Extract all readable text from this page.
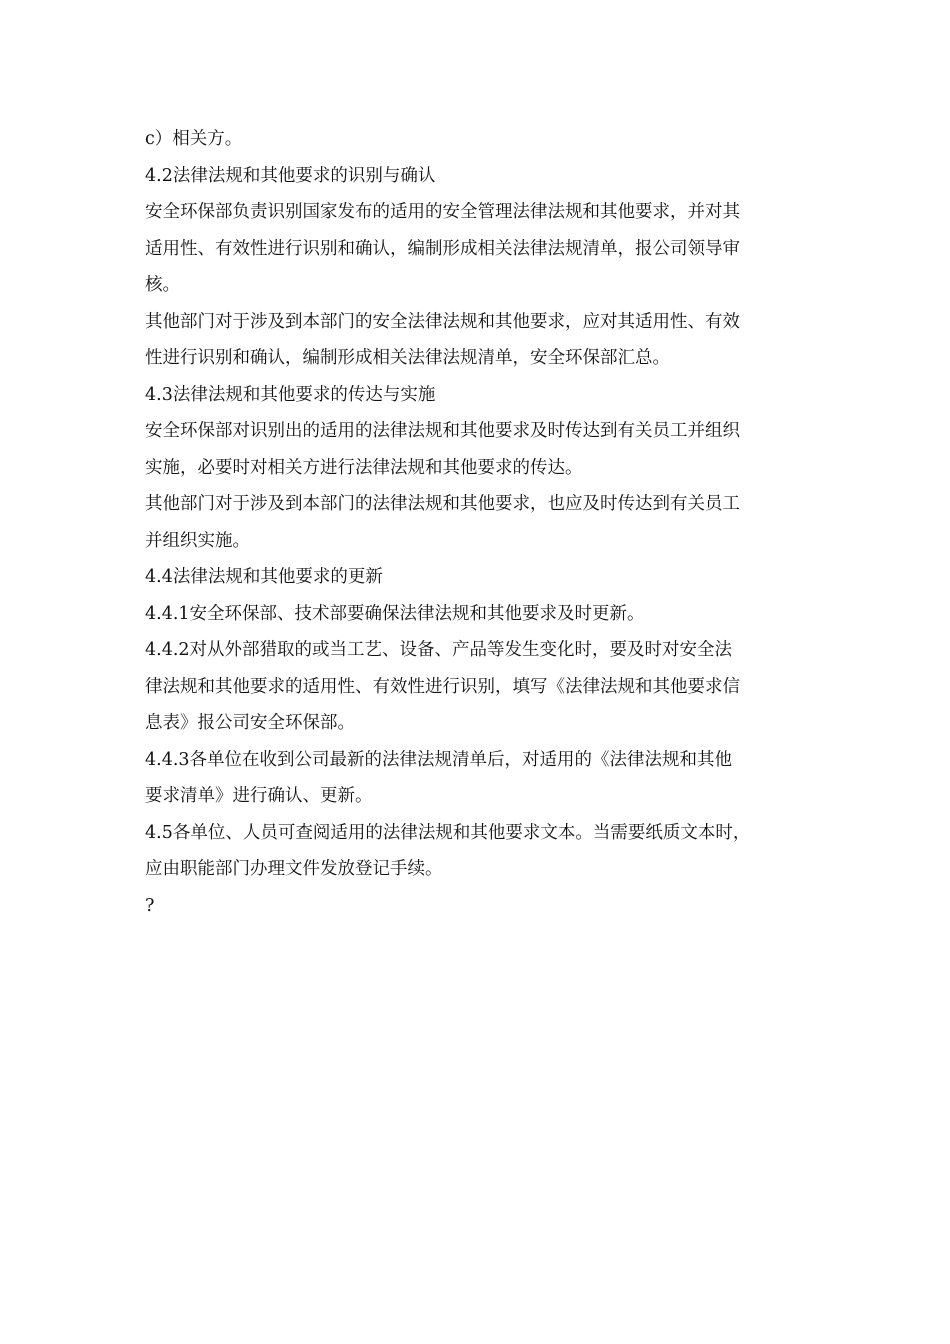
c）相关方。
4.2法律法规和其他要求的识别与确认
安全环保部负责识别国家发布的适用的安全管理法律法规和其他要求，并对其
适用性、有效性进行识别和确认，编制形成相关法律法规清单，报公司领导审
核。
其他部门对于涉及到本部门的安全法律法规和其他要求，应对其适用性、有效
性进行识别和确认，编制形成相关法律法规清单，安全环保部汇总。
4.3法律法规和其他要求的传达与实施
安全环保部对识别出的适用的法律法规和其他要求及时传达到有关员工并组织
实施，必要时对相关方进行法律法规和其他要求的传达。
其他部门对于涉及到本部门的法律法规和其他要求，也应及时传达到有关员工
并组织实施。
4.4法律法规和其他要求的更新
4.4.1安全环保部、技术部要确保法律法规和其他要求及时更新。
4.4.2对从外部猎取的或当工艺、设备、产品等发生变化时，要及时对安全法
律法规和其他要求的适用性、有效性进行识别，填写《法律法规和其他要求信
息表》报公司安全环保部。
4.4.3各单位在收到公司最新的法律法规清单后，对适用的《法律法规和其他
要求清单》进行确认、更新。
4.5各单位、人员可查阅适用的法律法规和其他要求文本。当需要纸质文本时，
应由职能部门办理文件发放登记手续。
?
